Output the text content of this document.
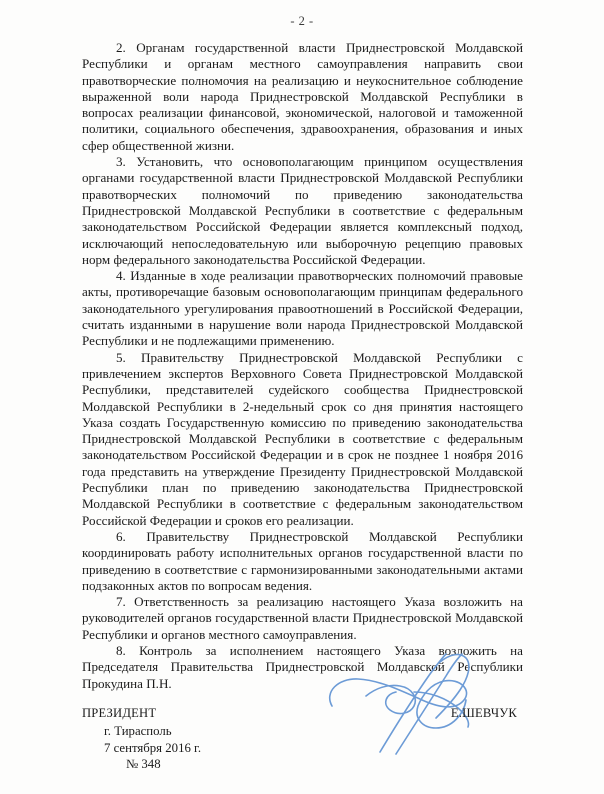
- 2 -

2. Органам государственной власти Приднестровской Молдавской Республики и органам местного самоуправления направить свои правотворческие полномочия на реализацию и неукоснительное соблюдение выраженной воли народа Приднестровской Молдавской Республики в вопросах реализации финансовой, экономической, налоговой и таможенной политики, социального обеспечения, здравоохранения, образования и иных сфер общественной жизни.

3. Установить, что основополагающим принципом осуществления органами государственной власти Приднестровской Молдавской Республики правотворческих полномочий по приведению законодательства Приднестровской Молдавской Республики в соответствие с федеральным законодательством Российской Федерации является комплексный подход, исключающий непоследовательную или выборочную рецепцию правовых норм федерального законодательства Российской Федерации.

4. Изданные в ходе реализации правотворческих полномочий правовые акты, противоречащие базовым основополагающим принципам федерального законодательного урегулирования правоотношений в Российской Федерации, считать изданными в нарушение воли народа Приднестровской Молдавской Республики и не подлежащими применению.

5. Правительству Приднестровской Молдавской Республики с привлечением экспертов Верховного Совета Приднестровской Молдавской Республики, представителей судейского сообщества Приднестровской Молдавской Республики в 2-недельный срок со дня принятия настоящего Указа создать Государственную комиссию по приведению законодательства Приднестровской Молдавской Республики в соответствие с федеральным законодательством Российской Федерации и в срок не позднее 1 ноября 2016 года представить на утверждение Президенту Приднестровской Молдавской Республики план по приведению законодательства Приднестровской Молдавской Республики в соответствие с федеральным законодательством Российской Федерации и сроков его реализации.

6. Правительству Приднестровской Молдавской Республики координировать работу исполнительных органов государственной власти по приведению в соответствие с гармонизированными законодательными актами подзаконных актов по вопросам ведения.

7. Ответственность за реализацию настоящего Указа возложить на руководителей органов государственной власти Приднестровской Молдавской Республики и органов местного самоуправления.

8. Контроль за исполнением настоящего Указа возложить на Председателя Правительства Приднестровской Молдавской Республики Прокудина П.Н.

ПРЕЗИДЕНТ	Е.ШЕВЧУК
г. Тирасполь
7 сентября 2016 г.
№ 348
